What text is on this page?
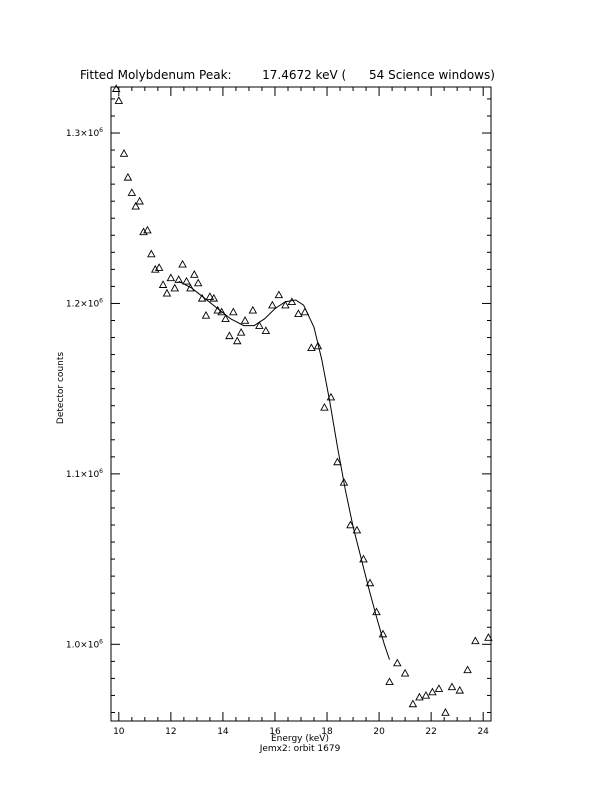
Fitted Molybdenum Peak:        17.4672 keV (      54 Science windows)
10	12	14	16	18	20	22	24
$1.0\times 10^6$
$1.1\times 10^6$
$1.2\times 10^6$
$1.3\times 10^6$
Energy (keV)
Jemx2: orbit 1679
Detector counts
